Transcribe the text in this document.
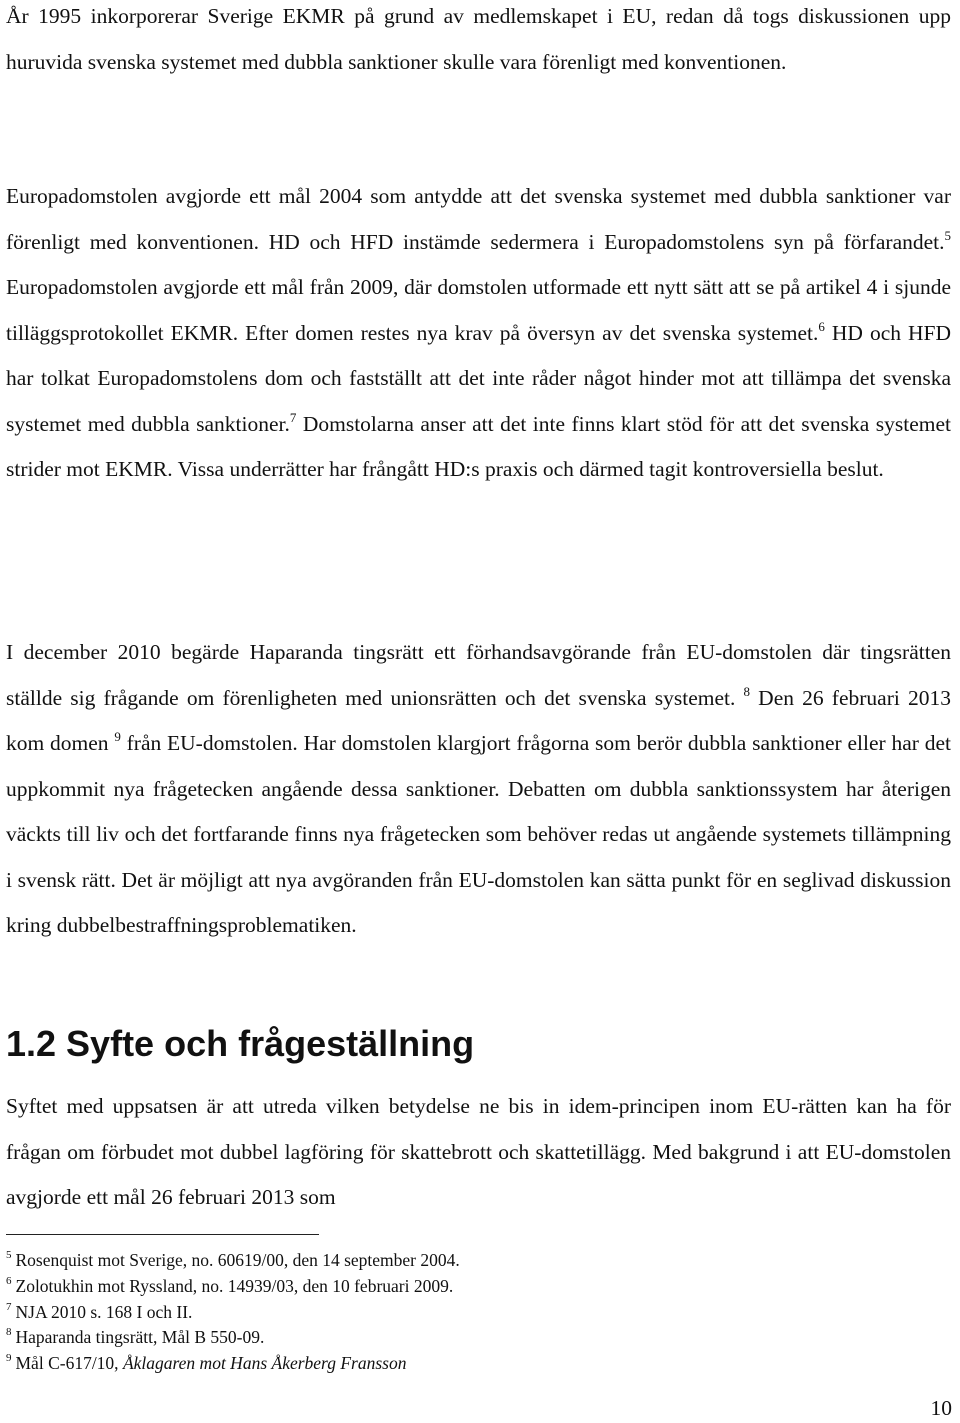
År 1995 inkorporerar Sverige EKMR på grund av medlemskapet i EU, redan då togs diskussionen upp huruvida svenska systemet med dubbla sanktioner skulle vara förenligt med konventionen.

Europadomstolen avgjorde ett mål 2004 som antydde att det svenska systemet med dubbla sanktioner var förenligt med konventionen. HD och HFD instämde sedermera i Europadomstolens syn på förfarandet.$^5$ Europadomstolen avgjorde ett mål från 2009, där domstolen utformade ett nytt sätt att se på artikel 4 i sjunde tilläggsprotokollet EKMR. Efter domen restes nya krav på översyn av det svenska systemet.$^6$ HD och HFD har tolkat Europadomstolens dom och fastställt att det inte råder något hinder mot att tillämpa det svenska systemet med dubbla sanktioner.$^7$ Domstolarna anser att det inte finns klart stöd för att det svenska systemet strider mot EKMR. Vissa underrätter har frångått HD:s praxis och därmed tagit kontroversiella beslut.

I december 2010 begärde Haparanda tingsrätt ett förhandsavgörande från EU-domstolen där tingsrätten ställde sig frågande om förenligheten med unionsrätten och det svenska systemet. $^8$ Den 26 februari 2013 kom domen $^9$ från EU-domstolen. Har domstolen klargjort frågorna som berör dubbla sanktioner eller har det uppkommit nya frågetecken angående dessa sanktioner. Debatten om dubbla sanktionssystem har återigen väckts till liv och det fortfarande finns nya frågetecken som behöver redas ut angående systemets tillämpning i svensk rätt. Det är möjligt att nya avgöranden från EU-domstolen kan sätta punkt för en seglivad diskussion kring dubbelbestraffningsproblematiken.

1.2 Syfte och frågeställning

Syftet med uppsatsen är att utreda vilken betydelse ne bis in idem-principen inom EU-rätten kan ha för frågan om förbudet mot dubbel lagföring för skattebrott och skattetillägg. Med bakgrund i att EU-domstolen avgjorde ett mål 26 februari 2013 som

$^5$ Rosenquist mot Sverige, no. 60619/00, den 14 september 2004.
$^6$ Zolotukhin mot Ryssland, no. 14939/03, den 10 februari 2009.
$^7$ NJA 2010 s. 168 I och II.
$^8$ Haparanda tingsrätt, Mål B 550-09.
$^9$ Mål C-617/10, Åklagaren mot Hans Åkerberg Fransson
10
